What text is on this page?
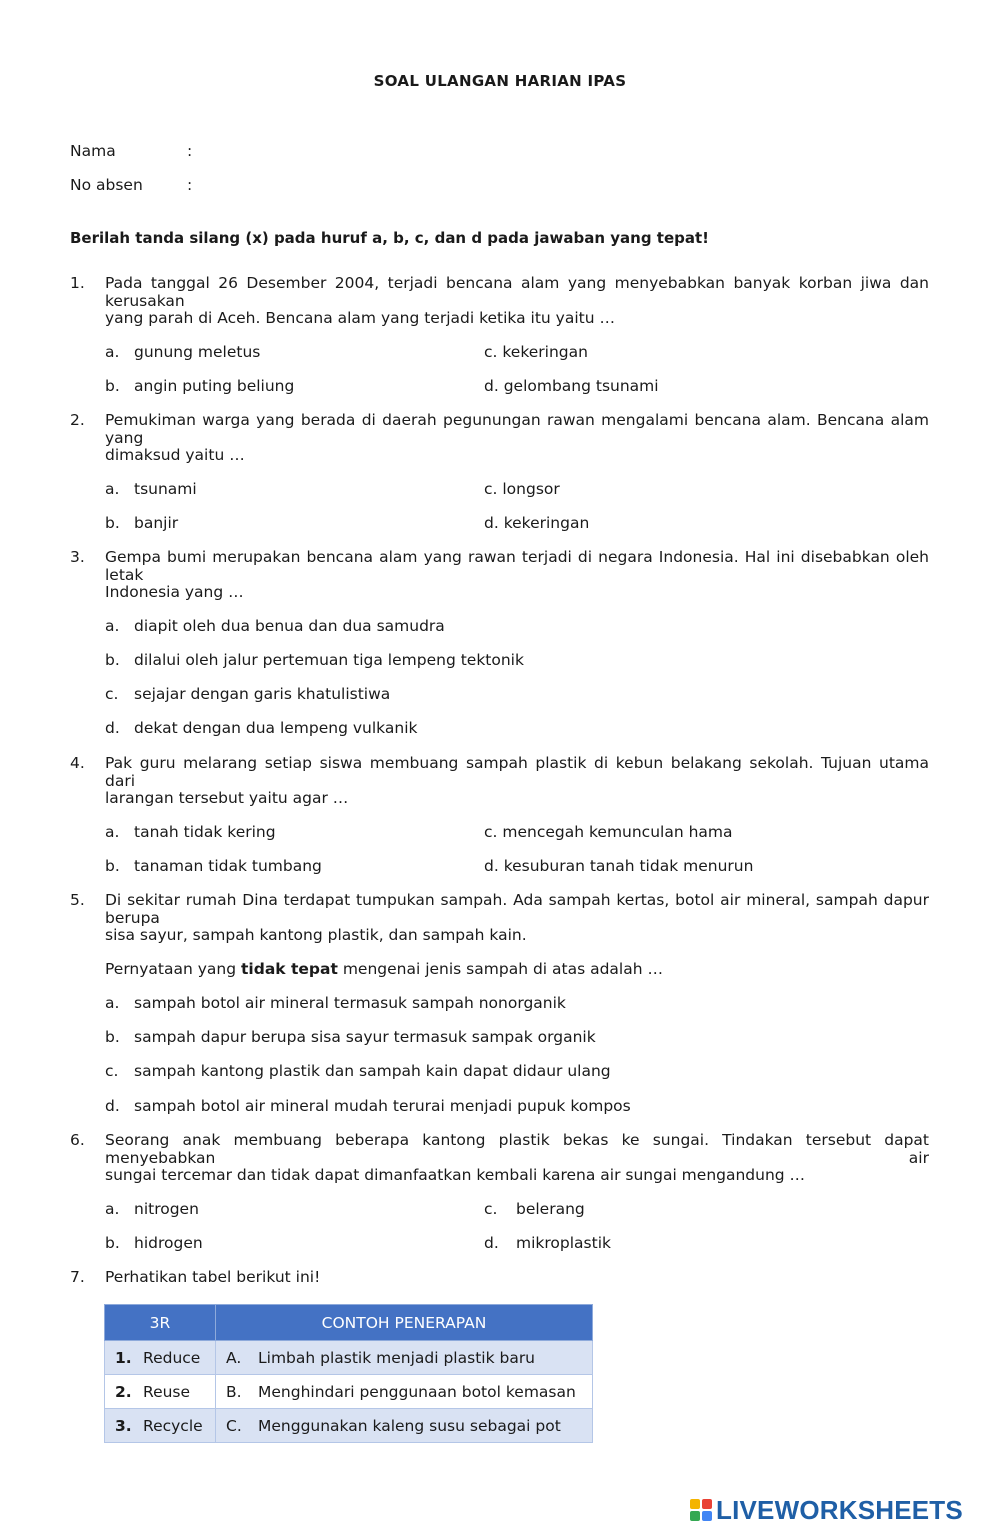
SOAL ULANGAN HARIAN IPAS
Nama	:
No absen	:
Berilah tanda silang (x) pada huruf a, b, c, dan d pada jawaban yang tepat!
1. Pada tanggal 26 Desember 2004, terjadi bencana alam yang menyebabkan banyak korban jiwa dan kerusakan
yang parah di Aceh. Bencana alam yang terjadi ketika itu yaitu …
a. gunung meletus	c. kekeringan
b. angin puting beliung	d. gelombang tsunami
2. Pemukiman warga yang berada di daerah pegunungan rawan mengalami bencana alam. Bencana alam yang
dimaksud yaitu …
a. tsunami	c. longsor
b. banjir	d. kekeringan
3. Gempa bumi merupakan bencana alam yang rawan terjadi di negara Indonesia. Hal ini disebabkan oleh letak
Indonesia yang …
a. diapit oleh dua benua dan dua samudra
b. dilalui oleh jalur pertemuan tiga lempeng tektonik
c. sejajar dengan garis khatulistiwa
d. dekat dengan dua lempeng vulkanik
4. Pak guru melarang setiap siswa membuang sampah plastik di kebun belakang sekolah. Tujuan utama dari
larangan tersebut yaitu agar …
a. tanah tidak kering	c. mencegah kemunculan hama
b. tanaman tidak tumbang	d. kesuburan tanah tidak menurun
5. Di sekitar rumah Dina terdapat tumpukan sampah. Ada sampah kertas, botol air mineral, sampah dapur berupa
sisa sayur, sampah kantong plastik, dan sampah kain.
Pernyataan yang tidak tepat mengenai jenis sampah di atas adalah …
a. sampah botol air mineral termasuk sampah nonorganik
b. sampah dapur berupa sisa sayur termasuk sampak organik
c. sampah kantong plastik dan sampah kain dapat didaur ulang
d. sampah botol air mineral mudah terurai menjadi pupuk kompos
6. Seorang anak membuang beberapa kantong plastik bekas ke sungai. Tindakan tersebut dapat menyebabkan air
sungai tercemar dan tidak dapat dimanfaatkan kembali karena air sungai mengandung …
a. nitrogen	c. belerang
b. hidrogen	d. mikroplastik
7. Perhatikan tabel berikut ini!
3R	CONTOH PENERAPAN
1. Reduce	A. Limbah plastik menjadi plastik baru
2. Reuse	B. Menghindari penggunaan botol kemasan
3. Recycle	C. Menggunakan kaleng susu sebagai pot
LIVEWORKSHEETS
